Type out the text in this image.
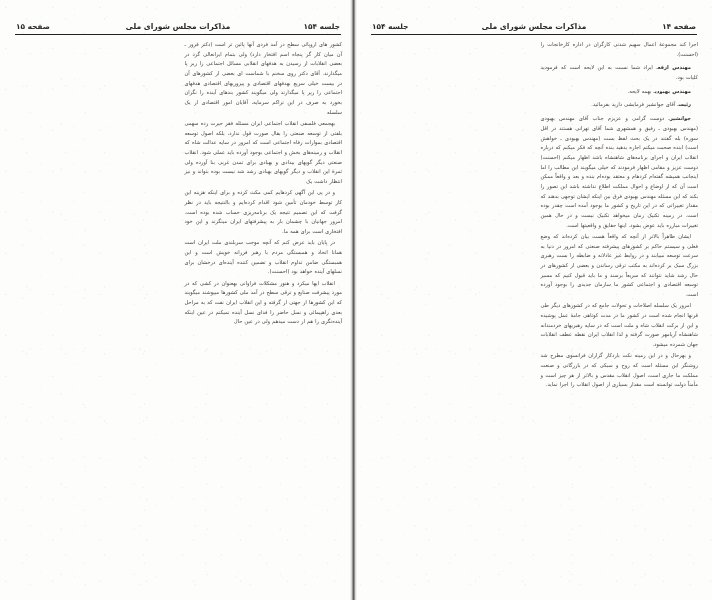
صفحه ۱۴
مذاکرات مجلس شورای ملی
جلسه ۱۵۴

اجرا کند مجموعهٔ اعمال سهیم شدنی کارگران در اداره کارخانجات را (احسنت).

مهندس ارفعـ ایراد شما نسبت به این لایحه است که فرمودید کلیات بود.

مهندس بهبودیـ بهمه لایحه.

رئیسـ آقای جوانشیر فرمایشی دارید بفرمائید.

جوانشیرـ دوست گرامی و عزیزم جناب آقای مهندس بهبودی (مهندس بهبودی ـ رفیق و همشهری شما آقای تهرانی هستند در اقل سوره) بله گفتند در یک بحث لفظ بست (مهندس بهبودی ـ خواهش است) ابنده صحبت میکنم اجازه بدهید بنده آنچه که فکر میکنم که درباره انقلاب ایران و اجرای برنامه‌های شاهنشاه باشد اظهار میکنم (احسنت) دوست عزیز و مقامی اظهار فرمودند که خیلی میگویند این مطالب را اما اینجانب همیشه گفته‌ام کردهام و معتقد بوده‌ام بنده و بعد و واقعاً ممکن است آن که از اوضاع و احوال مملکت اطلاع نداشته باشد این تصور را بکند که این مسئله مهندس بهبودی فرق بین اینکه ایشان توجهی بدهند که مقدار تغییراتی که در این تاریخ و کشور ما بوجود آمده است چقدر بوده است. در زمینه تکنیک زمان میخواهد تکنیک نیست و در حال همین تغییرات مبارزه باید عوض بشود. اینها حقایق و واقعیتها است.

ایشان ظاهراً بالاتر از آنچه که واقعاً هست بیان کرده‌اند که وضع فعلی و سیستم حاکم بر کشورهای پیشرفته صنعتی که امروز در دنیا به سرعت توسعه مییابند و در روابط غیر عادلانه و ضابطه را بست رهبری بزرگ سبک بر کرده‌اند به مکتب ترقی رساندن و بعضی از کشورهای در حال رشد شاید نتوانند که سریعاً برسند و ما باید قبول کنیم که مسیر توسعه اقتصادی و اجتماعی کشور ما سازمان جدیدی را بوجود آورده است.

امروز یک سلسله اصلاحات و تحولات جامع که در کشورهای دیگر طی قرنها انجام شده است در کشور ما در مدت کوتاهی جامهٔ عمل پوشیده و این از برکت انقلاب شاه و ملت است که در سایه رهبریهای خردمندانه شاهنشاه آریامهر صورت گرفته و لذا انقلاب ایران نقطه عطف انقلابات جهان شمرده میشود.

و بهرحال و در این زمینه نکت بازدکار گزاران فرانسوی مطرح شد روشنگر این مسئله است که روح و سبکی که در بازرگانی و صنعت مملکت ما جاری است، اصول انقلاب مقدس و بالاتر از هر چیز است و مأمناً دولت توانسته است مقدار بسیاری از اصول انقلاب را اجرا نماید.

جلسه ۱۵۴
مذاکرات مجلس شورای ملی
صفحه ۱۵

کشور های اروپائی سطح در آمد فردی آنها پائین تر است (دکتر فروز ـ آن میان کار گر پنجاه اسم افتخار دارد) ولی بتمام ایرانعالی گرد در بعضی انقلابات از رسیدن به هدفهای انقلابی مسائل اجتماعی را زیر پا میگذارند. آقای دکتر روی سخنم با شماست ای بعضی از کشورهای آن در بیست خیلی سریع بهدفهای اقتصادی و پیروزیهای اقتصادی هدفهای اجتماعی را زیر پا میگذارند ولی میگویند کشور بندهای آینده را نگران بخورد به صرف در این تراکم سرمایه، آقایان امور اقتصادی از یک سلسله

بهجمعی فلسفی انقلاب اجتماعی ایران مسئله فقر حیرت زده سهمی بلفتی از توسعه صنعتی را بقال صورت قول ندارد، بلکه اصول توسعه اقتصادی بموازات رفاه اجتماعی است که امروز در سایه عدالت شاه که انقلاب و زمینه‌های بخش و اجتماعی بوجود آورده باید عملی شود. انقلاب صنعتی دیگر گویهای بیدادی و بهبادی برای تمدن غربی بنا آورده ولی ثمرهٔ این انقلاب و دیگر گویهای بهبادی رشد شد نیست بوده بتواند و نیز انتظار داشت یک

و در پی این آگهی کردهایم کمی مکث کرده و برای اینکه هزینه این کار توسط خودمان تأمین شود اقدام کرده‌ایم و بالنتیجه باید در نظر گرفت که این تصمیم نتیجه یک برنامه‌ریزی حساب شده بوده است. امروز جهانیان با چشمان باز به پیشرفتهای ایران مینگرند و این خود افتخاری است برای همه ما.

در پایان باید عرض کنم که آنچه موجب سربلندی ملت ایران است همانا اتحاد و همبستگی مردم با رهبر فرزانه خویش است و این همبستگی ضامن تداوم انقلاب و تضمین کننده آینده‌ای درخشان برای نسلهای آینده خواهد بود (احسنت).

انقلاب ایها میکرد و هنوز مشکلات فراوانی بهعنوان در کشی که در مورد پیشرفت صنایع و ترقی سطح در آمد ملی کشورها میپوشند میگویند که این کشورها از جهتی از گرفته و این انقلاب ایران نفت که به مراحل بعدی راهپیمائی و نسل حاضر را فدای نسل آینده نمیکنم در عین اینکه آینده‌نگری را هم از دست میدهم ولی در عین حال
